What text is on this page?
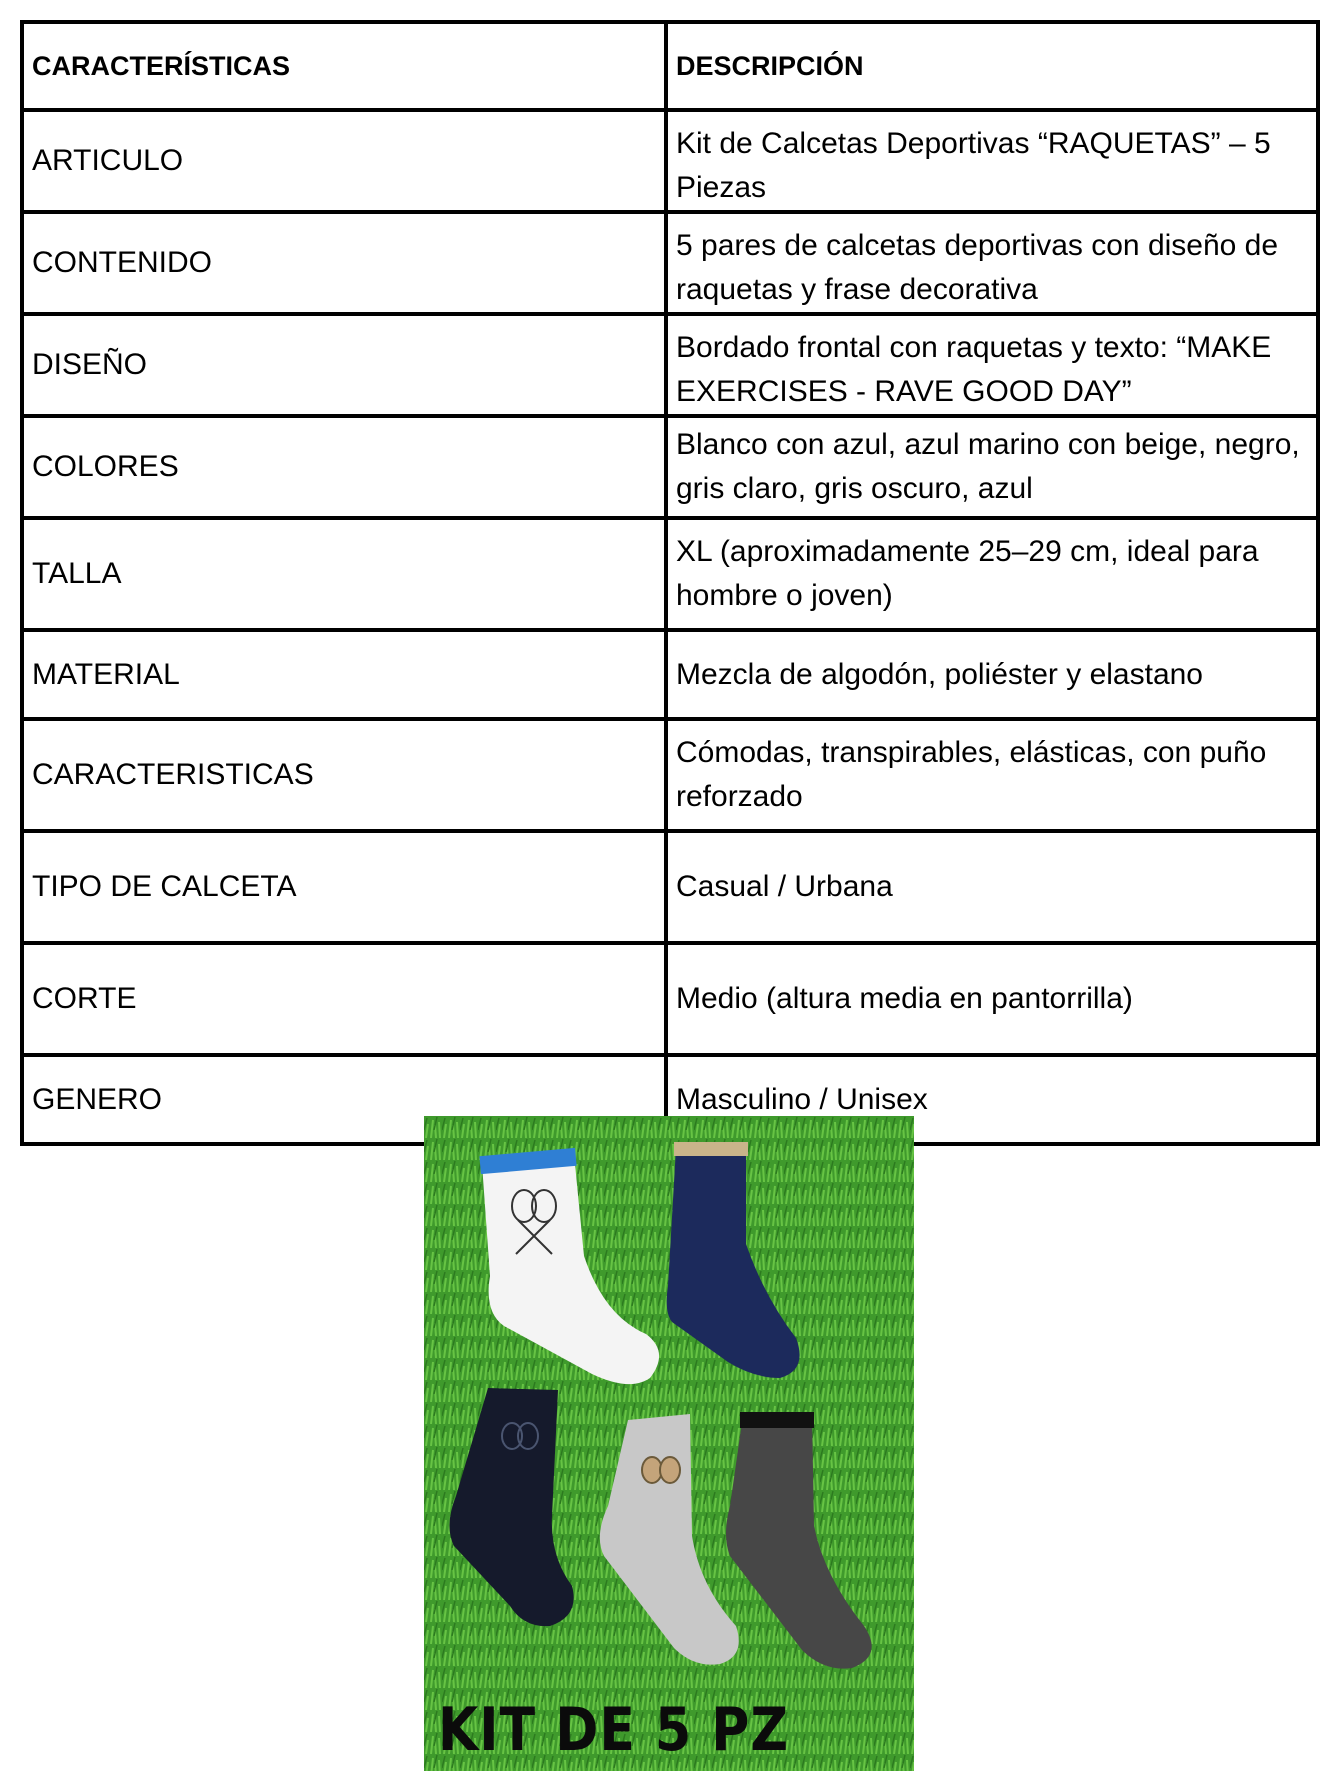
CARACTERÍSTICAS	DESCRIPCIÓN
ARTICULO	Kit de Calcetas Deportivas “RAQUETAS” – 5 Piezas
CONTENIDO	5 pares de calcetas deportivas con diseño de raquetas y frase decorativa
DISEÑO	Bordado frontal con raquetas y texto: “MAKE EXERCISES - RAVE GOOD DAY”
COLORES	Blanco con azul, azul marino con beige, negro, gris claro, gris oscuro, azul
TALLA	XL (aproximadamente 25–29 cm, ideal para hombre o joven)
MATERIAL	Mezcla de algodón, poliéster y elastano
CARACTERISTICAS	Cómodas, transpirables, elásticas, con puño reforzado
TIPO DE CALCETA	Casual / Urbana
CORTE	Medio (altura media en pantorrilla)
GENERO	Masculino / Unisex
KIT DE 5 PZ
